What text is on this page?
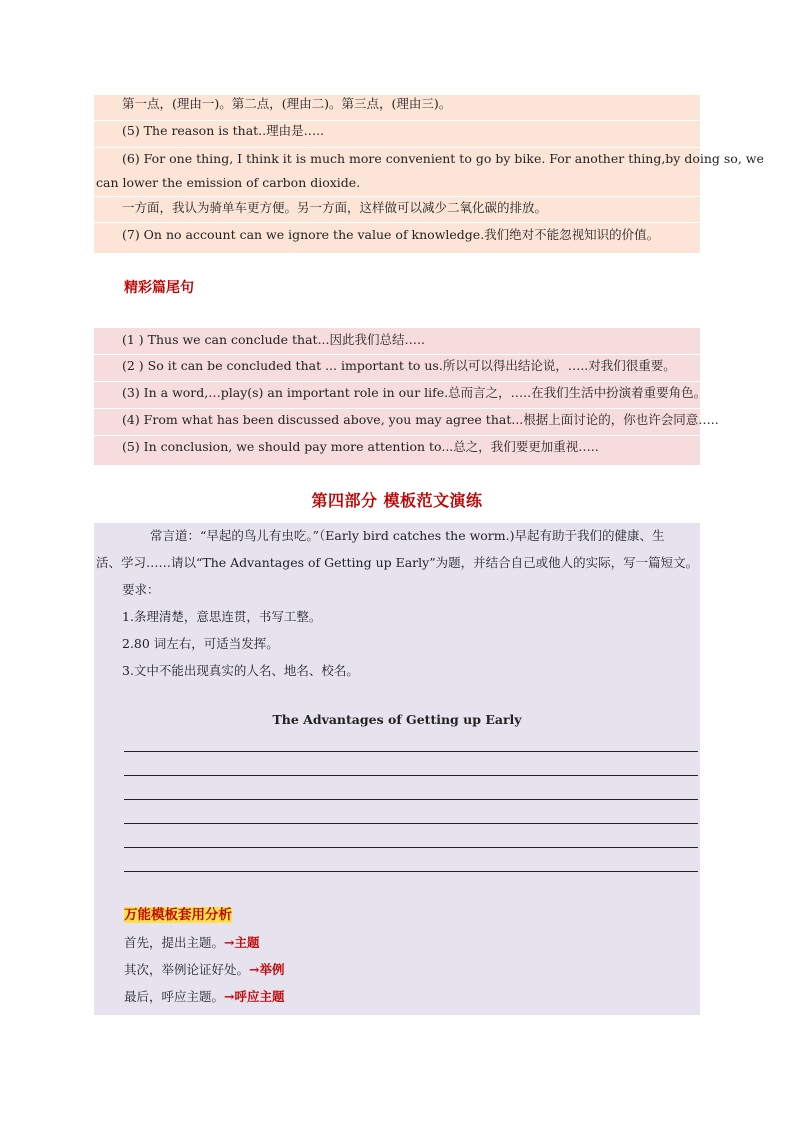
第一点，(理由一)。第二点，(理由二)。第三点，(理由三)。
(5) The reason is that..理由是…..
(6) For one thing, I think it is much more convenient to go by bike. For another thing,by doing so, we
can lower the emission of carbon dioxide.
一方面，我认为骑单车更方便。另一方面，这样做可以减少二氧化碳的排放。
(7) On no account can we ignore the value of knowledge.我们绝对不能忽视知识的价值。
精彩篇尾句
(1 ) Thus we can conclude that...因此我们总结…..
(2 ) So it can be concluded that ... important to us.所以可以得出结论说，…..对我们很重要。
(3) In a word,…play(s) an important role in our life.总而言之，…..在我们生活中扮演着重要角色。
(4) From what has been discussed above, you may agree that...根据上面讨论的，你也许会同意…..
(5) In conclusion, we should pay more attention to...总之，我们要更加重视…..
第四部分 模板范文演练
常言道：“早起的鸟儿有虫吃。”（Early bird catches the worm.)早起有助于我们的健康、生
活、学习……请以“The Advantages of Getting up Early”为题，并结合自己或他人的实际，写一篇短文。
要求：
1.条理清楚，意思连贯，书写工整。
2.80 词左右，可适当发挥。
3.文中不能出现真实的人名、地名、校名。
The Advantages of Getting up Early
万能模板套用分析
首先，提出主题。→主题
其次，举例论证好处。→举例
最后，呼应主题。→呼应主题
